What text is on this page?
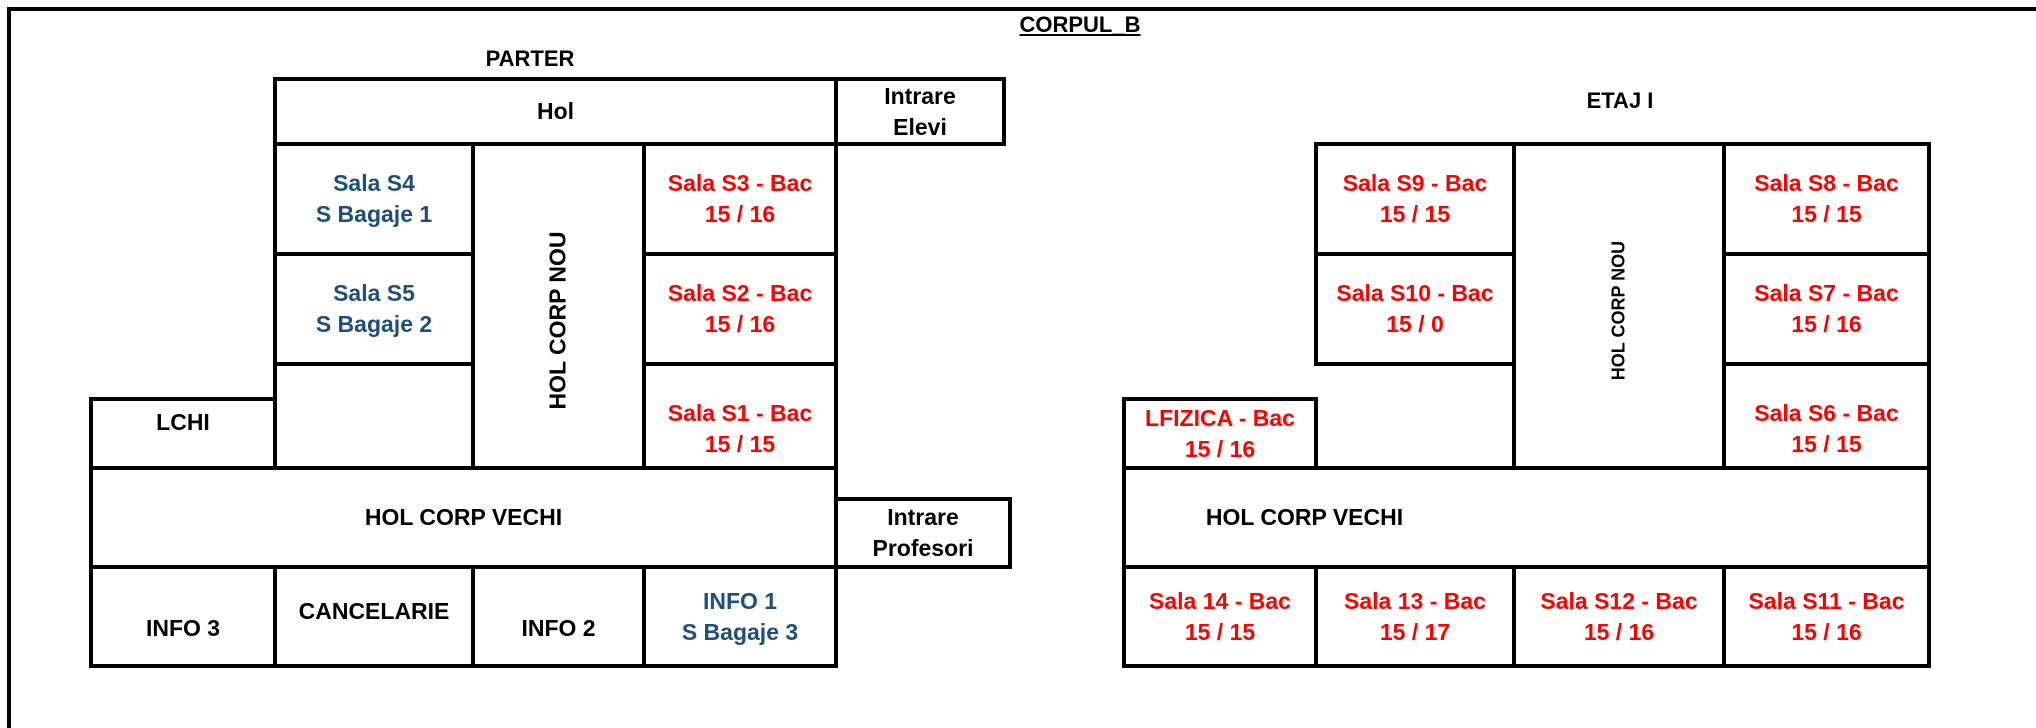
CORPUL_B
PARTER
Hol
Intrare
Elevi
Sala S4
S Bagaje 1
Sala S5
S Bagaje 2	HOL CORP NOU
Sala S3 - Bac
15 / 16
Sala S2 - Bac
15 / 16
Sala S1 - Bac
15 / 15
LCHI
HOL CORP VECHI	Intrare
Profesori
INFO 3
CANCELARIE
INFO 2
INFO 1
S Bagaje 3
ETAJ I
Sala S9 - Bac
15 / 15
Sala S10 - Bac
15 / 0	HOL CORP NOU
Sala S8 - Bac
15 / 15
Sala S7 - Bac
15 / 16
Sala S6 - Bac
15 / 15
LFIZICA - Bac
15 / 16
HOL CORP VECHI
Sala 14 - Bac
15 / 15
Sala 13 - Bac
15 / 17
Sala S12 - Bac
15 / 16
Sala S11 - Bac
15 / 16
